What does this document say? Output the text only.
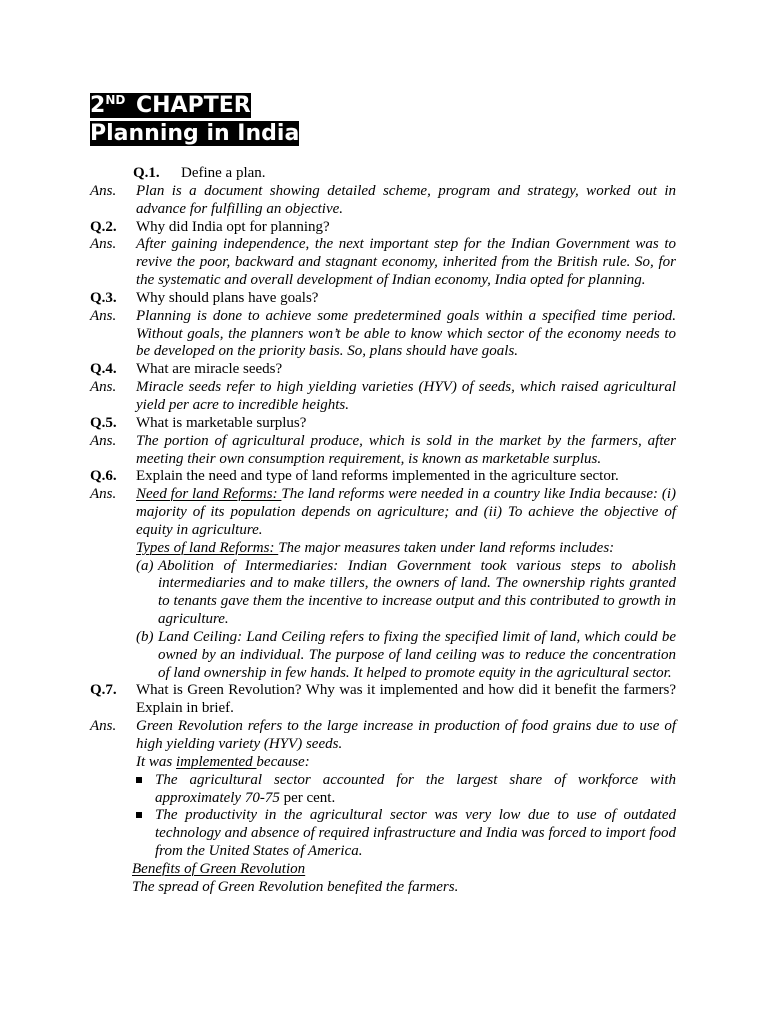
2ND CHAPTER
Planning in India
Q.1.	Define a plan.
Ans.	Plan is a document showing detailed scheme, program and strategy, worked out in advance for fulfilling an objective.
Q.2.	Why did India opt for planning?
Ans.	After gaining independence, the next important step for the Indian Government was to revive the poor, backward and stagnant economy, inherited from the British rule. So, for the systematic and overall development of Indian economy, India opted for planning.
Q.3.	Why should plans have goals?
Ans.	Planning is done to achieve some predetermined goals within a specified time period. Without goals, the planners won’t be able to know which sector of the economy needs to be developed on the priority basis. So, plans should have goals.
Q.4.	What are miracle seeds?
Ans.	Miracle seeds refer to high yielding varieties (HYV) of seeds, which raised agricultural yield per acre to incredible heights.
Q.5.	What is marketable surplus?
Ans.	The portion of agricultural produce, which is sold in the market by the farmers, after meeting their own consumption requirement, is known as marketable surplus.
Q.6.	Explain the need and type of land reforms implemented in the agriculture sector.
Ans.	Need for land Reforms: The land reforms were needed in a country like India because: (i) majority of its population depends on agriculture; and (ii) To achieve the objective of equity in agriculture.

Types of land Reforms: The major measures taken under land reforms includes:

(a) Abolition of Intermediaries: Indian Government took various steps to abolish intermediaries and to make tillers, the owners of land. The ownership rights granted to tenants gave them the incentive to increase output and this contributed to growth in agriculture.
(b) Land Ceiling: Land Ceiling refers to fixing the specified limit of land, which could be owned by an individual. The purpose of land ceiling was to reduce the concentration of land ownership in few hands. It helped to promote equity in the agricultural sector.
Q.7.	What is Green Revolution? Why was it implemented and how did it benefit the farmers? Explain in brief.
Ans.	Green Revolution refers to the large increase in production of food grains due to use of high yielding variety (HYV) seeds.

It was implemented because:

The agricultural sector accounted for the largest share of workforce with approximately 70-75 per cent.
The productivity in the agricultural sector was very low due to use of outdated technology and absence of required infrastructure and India was forced to import food from the United States of America.

Benefits of Green Revolution

The spread of Green Revolution benefited the farmers.
